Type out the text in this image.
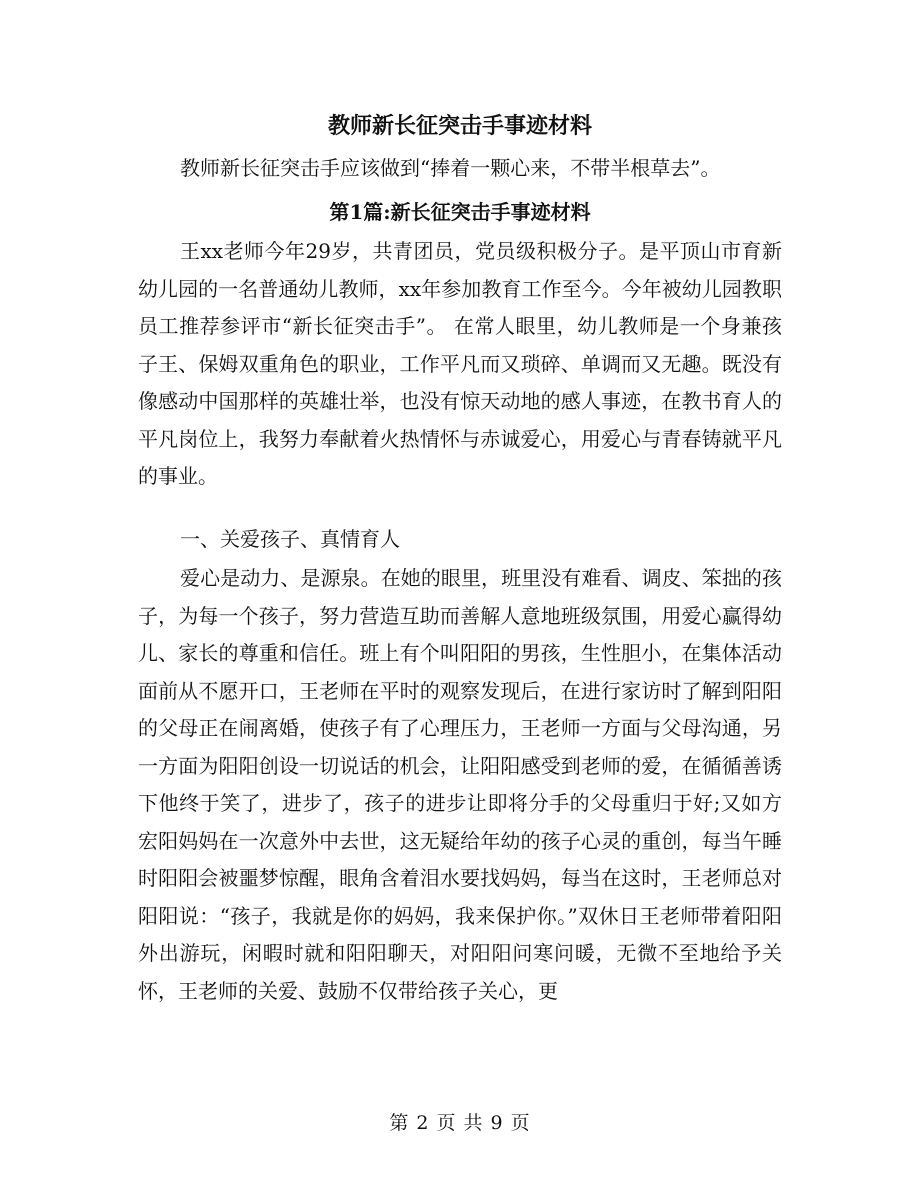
教师新长征突击手事迹材料

教师新长征突击手应该做到“捧着一颗心来，不带半根草去”。

第1篇:新长征突击手事迹材料

王xx老师今年29岁，共青团员，党员级积极分子。是平顶山市育新幼儿园的一名普通幼儿教师，xx年参加教育工作至今。今年被幼儿园教职员工推荐参评市“新长征突击手”。 在常人眼里，幼儿教师是一个身兼孩子王、保姆双重角色的职业，工作平凡而又琐碎、单调而又无趣。既没有像感动中国那样的英雄壮举，也没有惊天动地的感人事迹，在教书育人的平凡岗位上，我努力奉献着火热情怀与赤诚爱心，用爱心与青春铸就平凡的事业。

一、关爱孩子、真情育人

爱心是动力、是源泉。在她的眼里，班里没有难看、调皮、笨拙的孩子，为每一个孩子，努力营造互助而善解人意地班级氛围，用爱心赢得幼儿、家长的尊重和信任。班上有个叫阳阳的男孩，生性胆小，在集体活动面前从不愿开口，王老师在平时的观察发现后，在进行家访时了解到阳阳的父母正在闹离婚，使孩子有了心理压力，王老师一方面与父母沟通，另一方面为阳阳创设一切说话的机会，让阳阳感受到老师的爱，在循循善诱下他终于笑了，进步了，孩子的进步让即将分手的父母重归于好;又如方宏阳妈妈在一次意外中去世，这无疑给年幼的孩子心灵的重创，每当午睡时阳阳会被噩梦惊醒，眼角含着泪水要找妈妈，每当在这时，王老师总对阳阳说：“孩子，我就是你的妈妈，我来保护你。”双休日王老师带着阳阳外出游玩，闲暇时就和阳阳聊天，对阳阳问寒问暖，无微不至地给予关怀，王老师的关爱、鼓励不仅带给孩子关心，更

第 2 页 共 9 页
